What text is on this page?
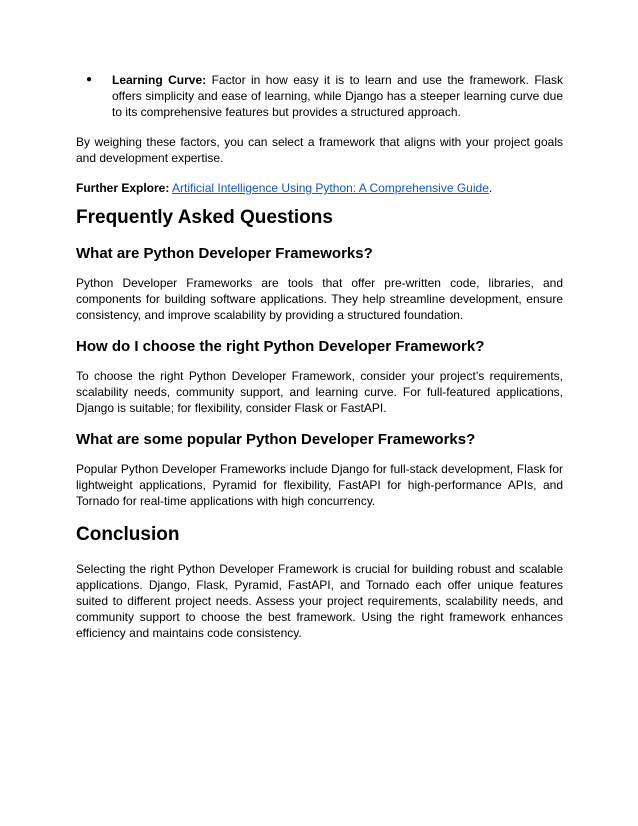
● Learning Curve: Factor in how easy it is to learn and use the framework. Flask offers simplicity and ease of learning, while Django has a steeper learning curve due to its comprehensive features but provides a structured approach.

By weighing these factors, you can select a framework that aligns with your project goals and development expertise.

Further Explore: Artificial Intelligence Using Python: A Comprehensive Guide.

Frequently Asked Questions
What are Python Developer Frameworks?

Python Developer Frameworks are tools that offer pre-written code, libraries, and components for building software applications. They help streamline development, ensure consistency, and improve scalability by providing a structured foundation.

How do I choose the right Python Developer Framework?

To choose the right Python Developer Framework, consider your project’s requirements, scalability needs, community support, and learning curve. For full-featured applications, Django is suitable; for flexibility, consider Flask or FastAPI.

What are some popular Python Developer Frameworks?

Popular Python Developer Frameworks include Django for full-stack development, Flask for lightweight applications, Pyramid for flexibility, FastAPI for high-performance APIs, and Tornado for real-time applications with high concurrency.

Conclusion

Selecting the right Python Developer Framework is crucial for building robust and scalable applications. Django, Flask, Pyramid, FastAPI, and Tornado each offer unique features suited to different project needs. Assess your project requirements, scalability needs, and community support to choose the best framework. Using the right framework enhances efficiency and maintains code consistency.
